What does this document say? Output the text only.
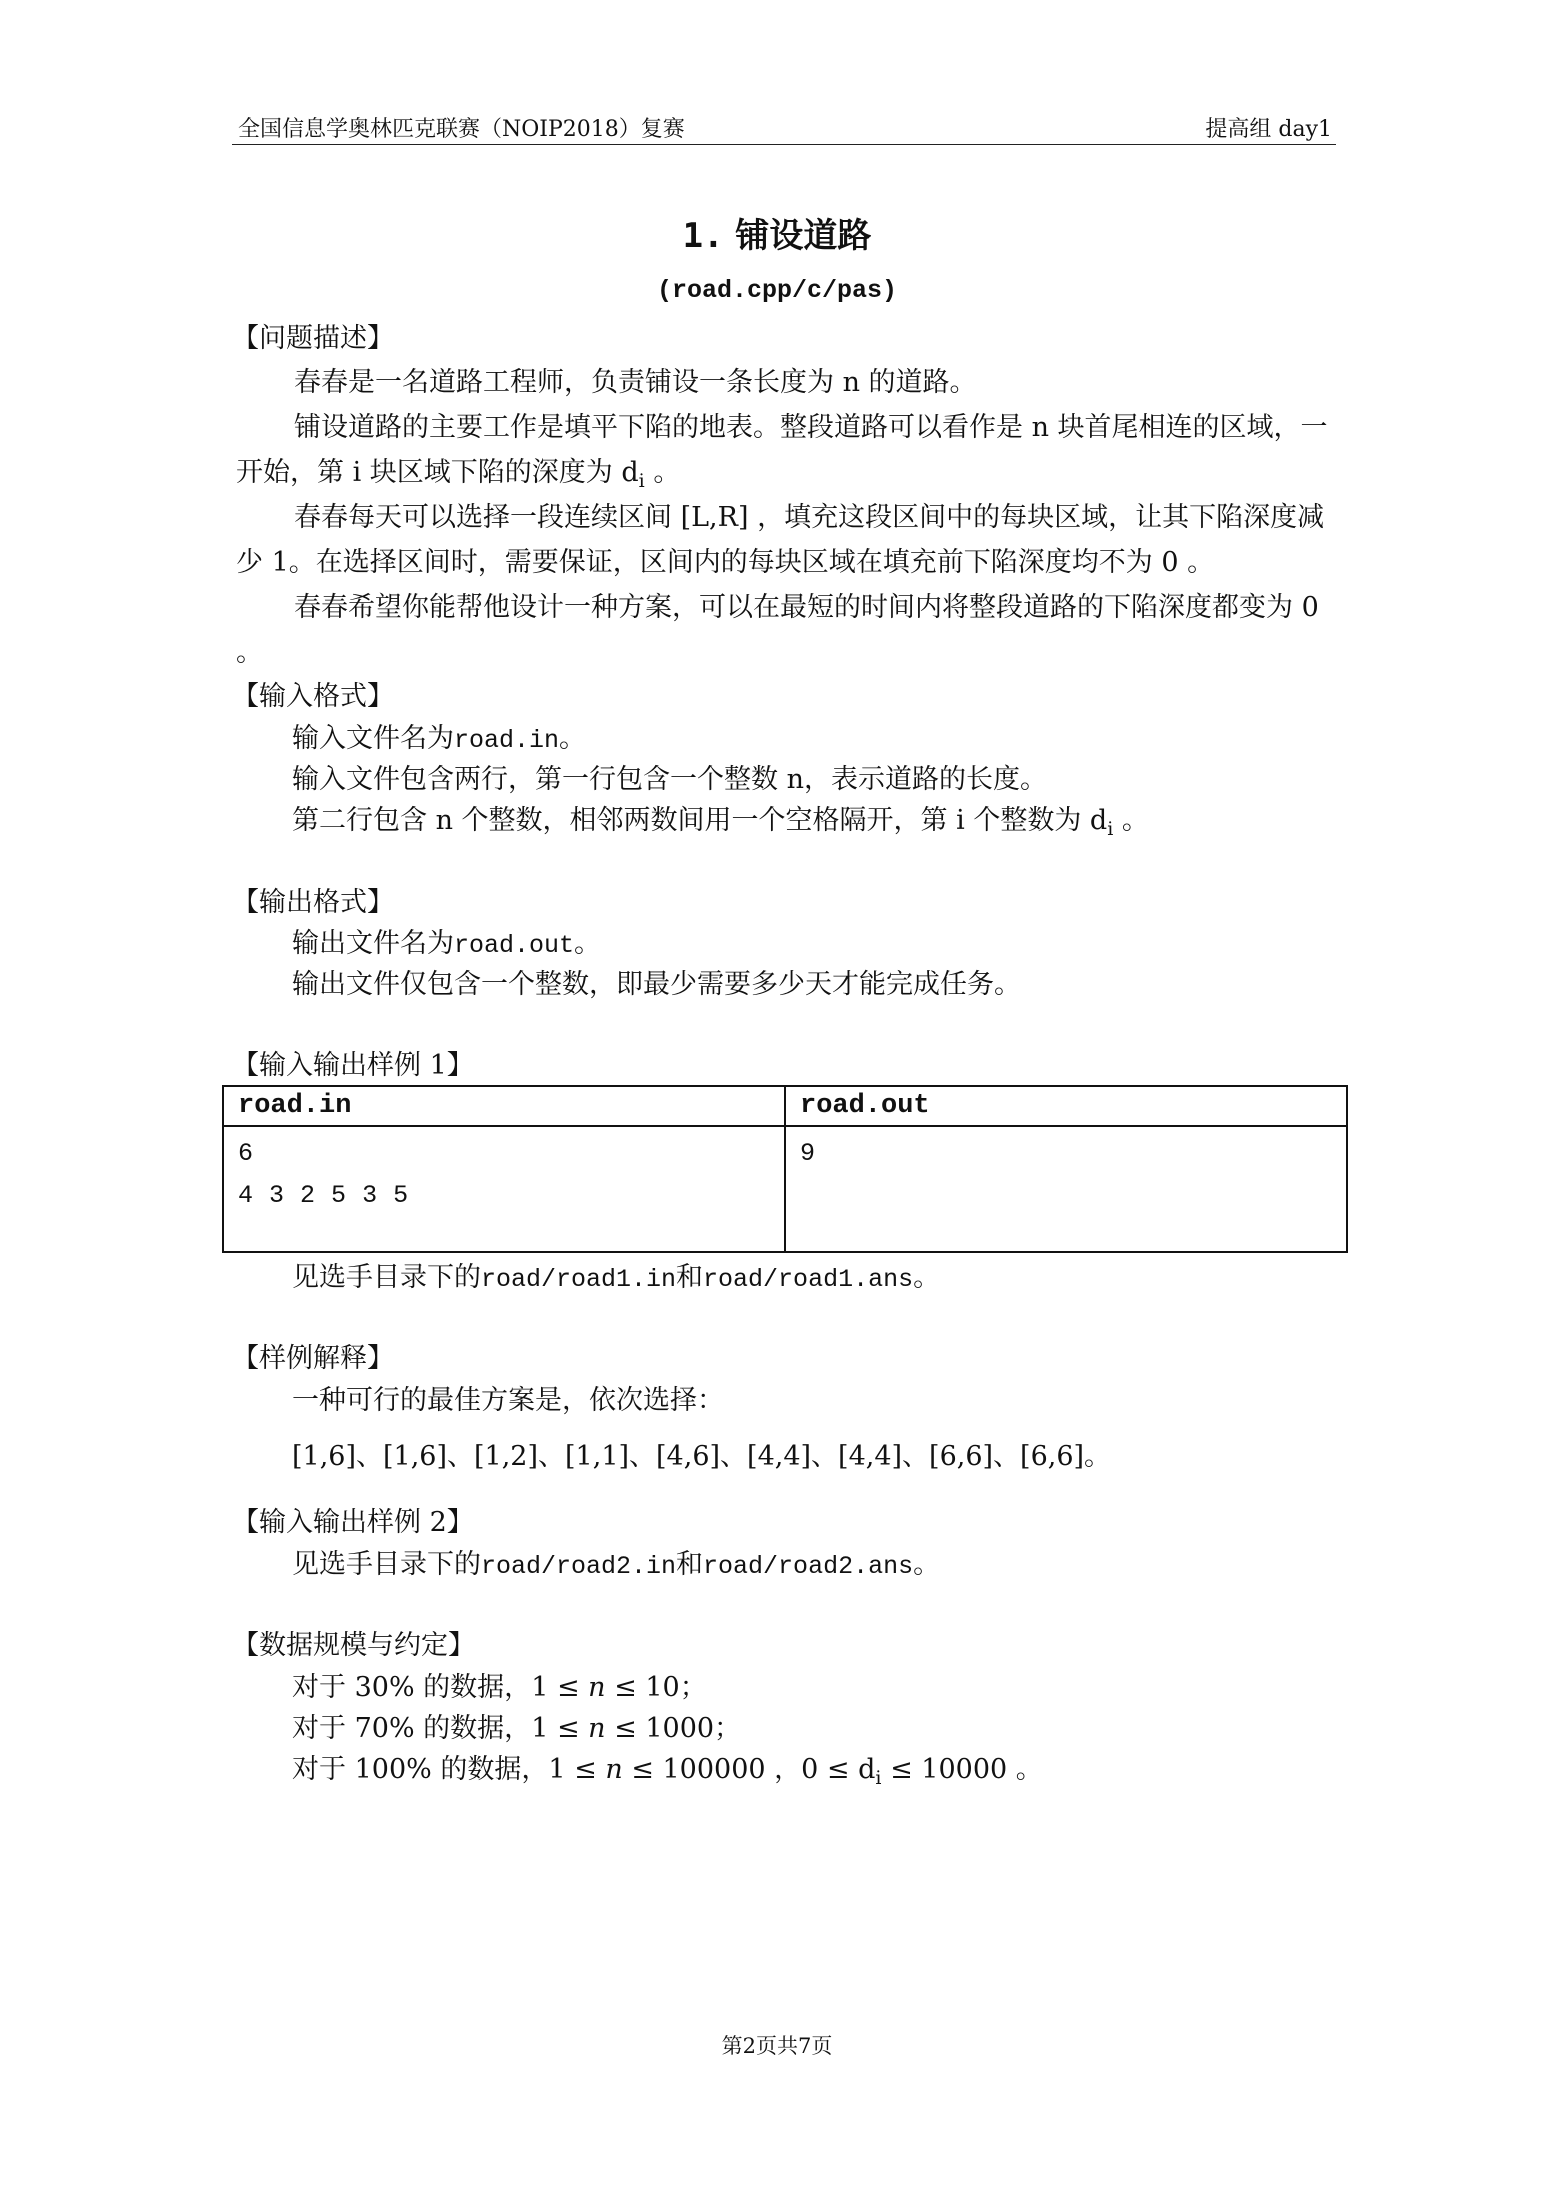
全国信息学奥林匹克联赛（NOIP2018）复赛	提高组 day1
1. 铺设道路
(road.cpp/c/pas)
【问题描述】
春春是一名道路工程师，负责铺设一条长度为 n 的道路。
铺设道路的主要工作是填平下陷的地表。整段道路可以看作是 n 块首尾相连的区域，一开始，第 i 块区域下陷的深度为 $d_i$ 。
春春每天可以选择一段连续区间 [L,R] ，填充这段区间中的每块区域，让其下陷深度减少 1。在选择区间时，需要保证，区间内的每块区域在填充前下陷深度均不为 0 。
春春希望你能帮他设计一种方案，可以在最短的时间内将整段道路的下陷深度都变为 0 。
【输入格式】
输入文件名为road.in。
输入文件包含两行，第一行包含一个整数 n，表示道路的长度。
第二行包含 n 个整数，相邻两数间用一个空格隔开，第 i 个整数为 $d_i$ 。
【输出格式】
输出文件名为road.out。
输出文件仅包含一个整数，即最少需要多少天才能完成任务。
【输入输出样例 1】
road.in	road.out

6
4 3 2 5 3 5	9
见选手目录下的road/road1.in和road/road1.ans。
【样例解释】
一种可行的最佳方案是，依次选择：
[1,6]、[1,6]、[1,2]、[1,1]、[4,6]、[4,4]、[4,4]、[6,6]、[6,6]。
【输入输出样例 2】
见选手目录下的road/road2.in和road/road2.ans。
【数据规模与约定】
对于 30% 的数据，1 ≤ n ≤ 10；
对于 70% 的数据，1 ≤ n ≤ 1000；
对于 100% 的数据，1 ≤ n ≤ 100000 ，$0 \le d_i \le 10000$ 。
第2页共7页
